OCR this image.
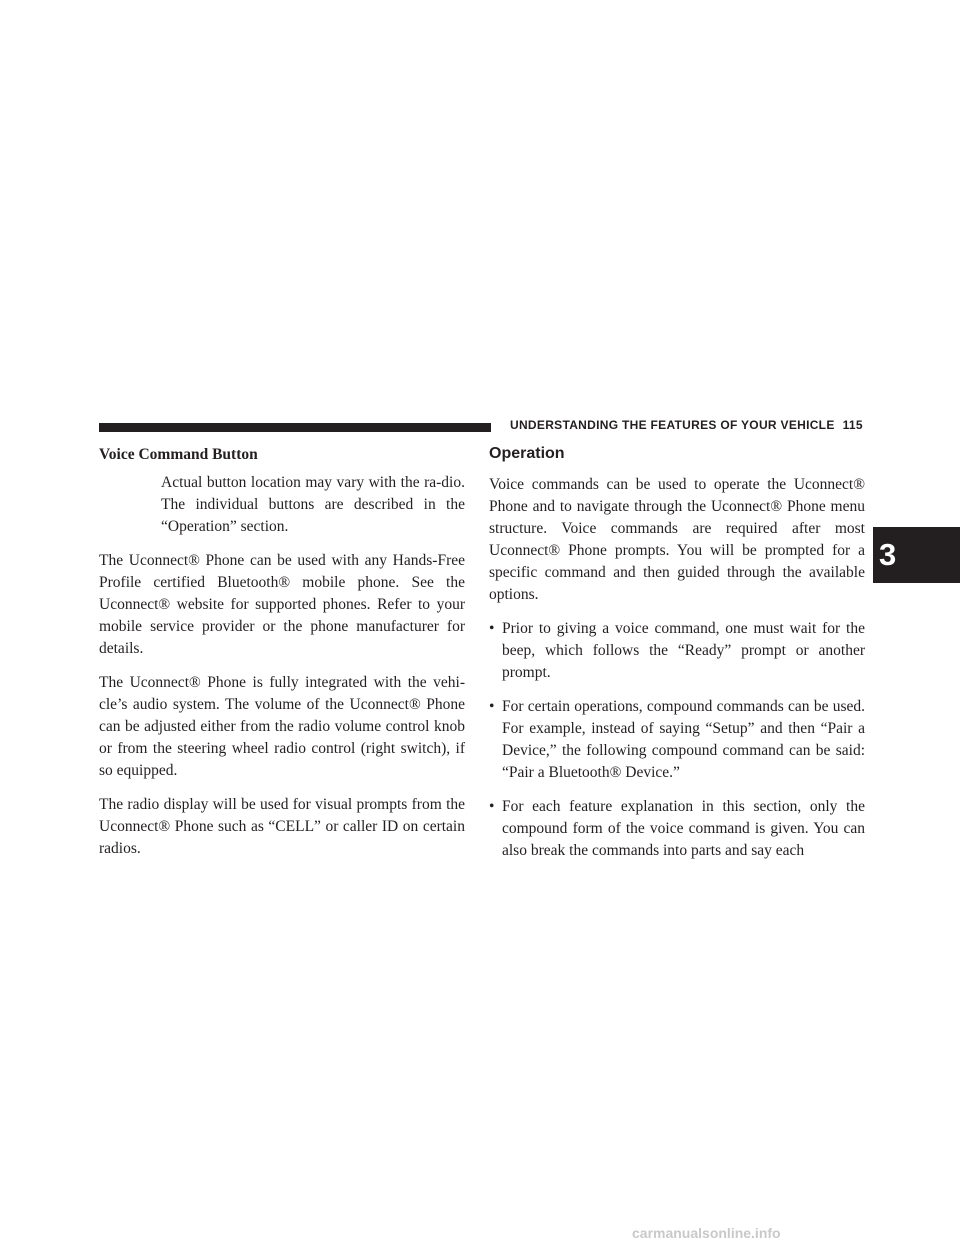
UNDERSTANDING THE FEATURES OF YOUR VEHICLE 115
3

Voice Command Button

Actual button location may vary with the ra-dio. The individual buttons are described in the “Operation” section.

The Uconnect® Phone can be used with any Hands-Free Profile certified Bluetooth® mobile phone. See the Uconnect® website for supported phones. Refer to your mobile service provider or the phone manufacturer for details.

The Uconnect® Phone is fully integrated with the vehi-cle’s audio system. The volume of the Uconnect® Phone can be adjusted either from the radio volume control knob or from the steering wheel radio control (right switch), if so equipped.

The radio display will be used for visual prompts from the Uconnect® Phone such as “CELL” or caller ID on certain radios.

Operation

Voice commands can be used to operate the Uconnect® Phone and to navigate through the Uconnect® Phone menu structure. Voice commands are required after most Uconnect® Phone prompts. You will be prompted for a specific command and then guided through the available options.

• Prior to giving a voice command, one must wait for the beep, which follows the “Ready” prompt or another prompt.
• For certain operations, compound commands can be used. For example, instead of saying “Setup” and then “Pair a Device,” the following compound command can be said: “Pair a Bluetooth® Device.”
• For each feature explanation in this section, only the compound form of the voice command is given. You can also break the commands into parts and say each
carmanualsonline.info
